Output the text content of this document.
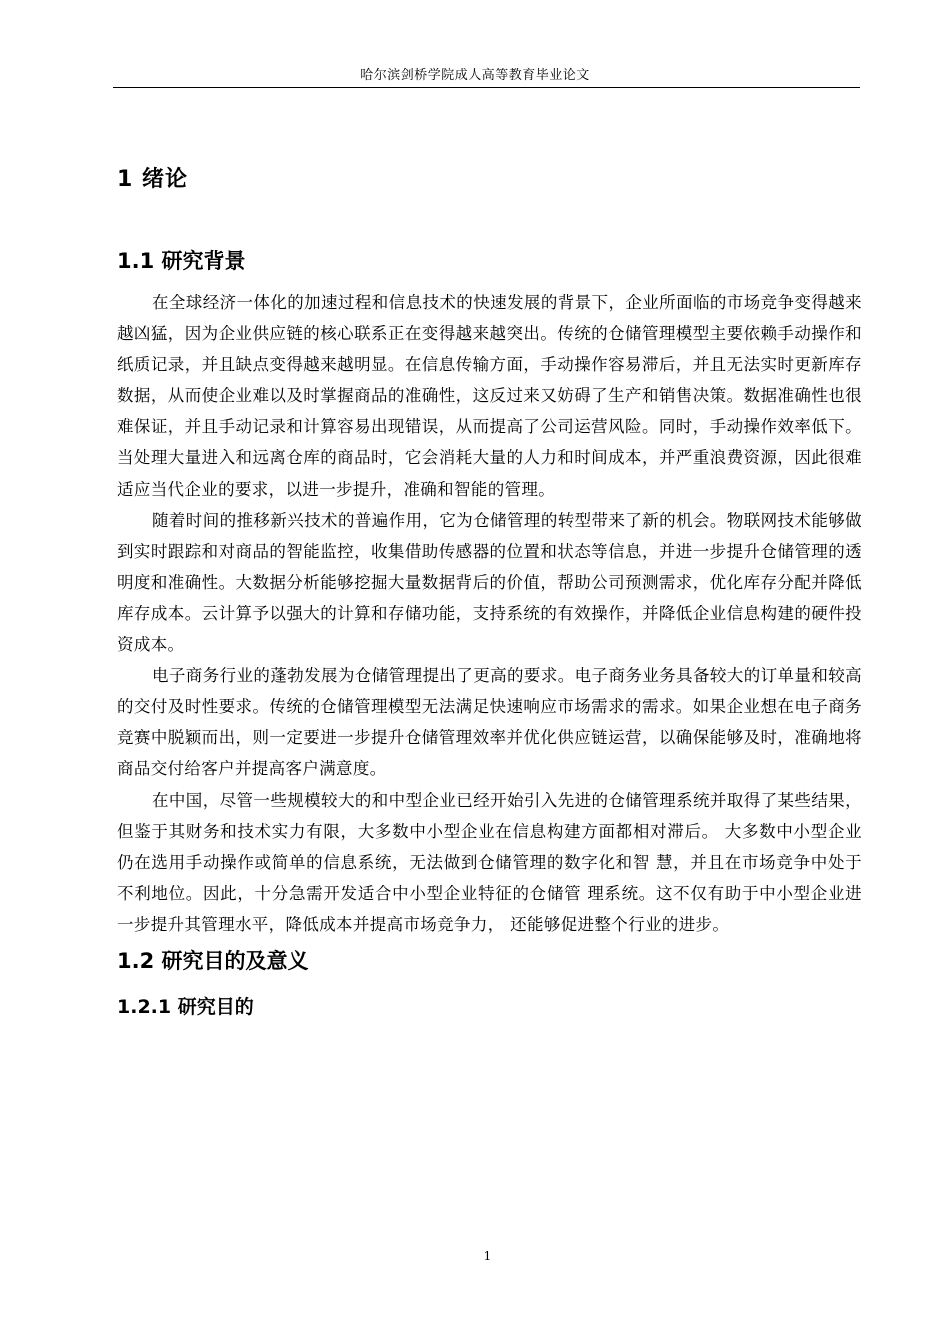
哈尔滨剑桥学院成人高等教育毕业论文
1 绪论
1.1 研究背景

在全球经济一体化的加速过程和信息技术的快速发展的背景下，企业所面临的市场竞争变得越来越凶猛，因为企业供应链的核心联系正在变得越来越突出。传统的仓储管理模型主要依赖手动操作和纸质记录，并且缺点变得越来越明显。在信息传输方面，手动操作容易滞后，并且无法实时更新库存数据，从而使企业难以及时掌握商品的准确性，这反过来又妨碍了生产和销售决策。数据准确性也很难保证，并且手动记录和计算容易出现错误，从而提高了公司运营风险。同时，手动操作效率低下。当处理大量进入和远离仓库的商品时，它会消耗大量的人力和时间成本，并严重浪费资源，因此很难适应当代企业的要求，以进一步提升，准确和智能的管理。

随着时间的推移新兴技术的普遍作用，它为仓储管理的转型带来了新的机会。物联网技术能够做到实时跟踪和对商品的智能监控，收集借助传感器的位置和状态等信息，并进一步提升仓储管理的透明度和准确性。大数据分析能够挖掘大量数据背后的价值，帮助公司预测需求，优化库存分配并降低库存成本。云计算予以强大的计算和存储功能，支持系统的有效操作，并降低企业信息构建的硬件投资成本。

电子商务行业的蓬勃发展为仓储管理提出了更高的要求。电子商务业务具备较大的订单量和较高的交付及时性要求。传统的仓储管理模型无法满足快速响应市场需求的需求。如果企业想在电子商务竞赛中脱颖而出，则一定要进一步提升仓储管理效率并优化供应链运营，以确保能够及时，准确地将商品交付给客户并提高客户满意度。

在中国，尽管一些规模较大的和中型企业已经开始引入先进的仓储管理系统并取得了某些结果，但鉴于其财务和技术实力有限，大多数中小型企业在信息构建方面都相对滞后。 大多数中小型企业仍在选用手动操作或简单的信息系统，无法做到仓储管理的数字化和智 慧，并且在市场竞争中处于不利地位。因此，十分急需开发适合中小型企业特征的仓储管 理系统。这不仅有助于中小型企业进一步提升其管理水平，降低成本并提高市场竞争力， 还能够促进整个行业的进步。

1.2 研究目的及意义
1.2.1 研究目的
1
